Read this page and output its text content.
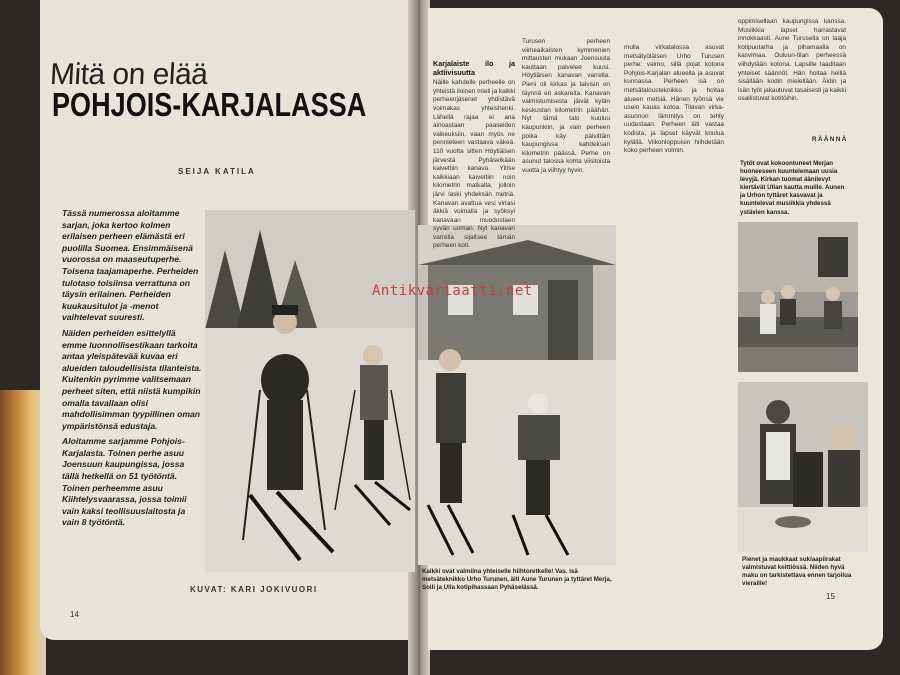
Mitä on elää
POHJOIS-KARJALASSA
SEIJA KATILA

Tässä numerossa aloitamme sarjan, joka kertoo kolmen erilaisen perheen elämästä eri puolilla Suomea. Ensimmäisenä vuorossa on maaseutuperhe. Toisena taajamaperhe. Perheiden tulotaso toisiinsa verrattuna on täysin erilainen. Perheiden kuukausitulot ja -menot vaihtelevat suuresti.

Näiden perheiden esittelyllä emme luonnollisestikaan tarkoita antaa yleispätevää kuvaa eri alueiden taloudellisista tilanteista. Kuitenkin pyrimme valitsemaan perheet siten, että niistä kumpikin omalla tavallaan olisi mahdollisimman tyypillinen oman ympäristönsä edustaja.

Aloitamme sarjamme Pohjois-Karjalasta. Toinen perhe asuu Joensuun kaupungissa, jossa tällä hetkellä on 51 työtöntä. Toinen perheemme asuu Kiihtelysvaarassa, jossa toimii vain kaksi teollisuuslaitosta ja vain 8 työtöntä.

KUVAT: KARI JOKIVUORI
14

Karjalaiste ilo ja aktiivisuutta

Näille kahdelle perheelle on yhteistä iloinen mieli ja kaikki perheenjäsenet yhdistävä voimakas yhteishenki. Lähellä rajaa ei ana ainoastaan paaseiden vaikeuksiin, vaan myös ne pennieteen vastaava väkeä. 110 vuotta sitten Höytiäisen järvestä Pyhäselkään kaivettiin kanava. Ylitse kaikkiaan kaivettiin noin kilometrin matkalta, jolloin järvi laski yhdeksän metriä. Kanavan avattua vesi virtasi äkkiä voimalla ja syöksyi kanavaan muodostaen syvän uoman. Nyt kanavan varrella sijaitsee tämän perheen koti.

Turusen perheen viimeaikaisten kymmenien mittausten mukaan Joensuuta kauttaan palvelee kuusi. Höytiäisen kanavan varrella. Pieni oli kirkas ja talvisin on täynnä eri askareita. Kanavan valmistumisesta jäivät kylän keskustan kilometrin päähän. Nyt tämä talo kuuluu kaupunkiin, ja vain perheen poika käy päivittäin kaupungissa kahdeksan kilometrin päässä. Perhe on asunut talossa kohta viisitoista vuotta ja viihtyy hyvin.

mulla virkatalossa asuvat metsätyöläisen Urho Turusen perhe: vaimo, sillä pojat kotona Pohjois-Karjalan alueella ja asuvat kunnassa. Perheen isä on metsätalousteknikko ja hoitaa alueen metsiä. Hänen työnsä vie usein kauas kotoa. Tilavan virka-asunnon lämmitys on tehty uudestaan. Perheen äiti vastaa kodista, ja lapset käyvät koulua kylällä. Viikonloppuisin hiihdetään koko perheen voimin.

oppimisellaan kaupungissa kanssa. Musiikkia lapset harrastavat innokkaasti. Aune Turusella on laaja kotipuutarha ja pihamaalla on kasvimaa. Ouluun-tilan perheessä viihdytään kotona. Lapsille laaditaan yhteiset säännöt. Hän hoitaa heillä sisällään kodin mielellään. Äidin ja isän työt jakautuvat tasaisesti ja kaikki osallistuvat kotitöihin.

RÄÄNNÄ
Tytöt ovat kokoontuneet Merjan huoneeseen kuuntelemaan uusia levyjä. Kirkan tuomat äänilevyt kiertävät Ullan kautta muille. Aunen ja Urhon tyttäret kasvavat ja kuuntelevat musiikkia yhdessä ystävien kanssa.
Kaikki ovat valmiina yhteiselle hiihtoretkelle! Vas. isä metsäteknikko Urho Turunen, äiti Aune Turunen ja tyttäret Merja, Soili ja Ulla kotipihassaan Pyhäselässä.
Pienet ja maukkaat suklaapiirakat valmistuvat keittiössä. Niiden hyvä maku on tarkistettava ennen tarjoilua vieraille!
15
Antikvariaatti.net
